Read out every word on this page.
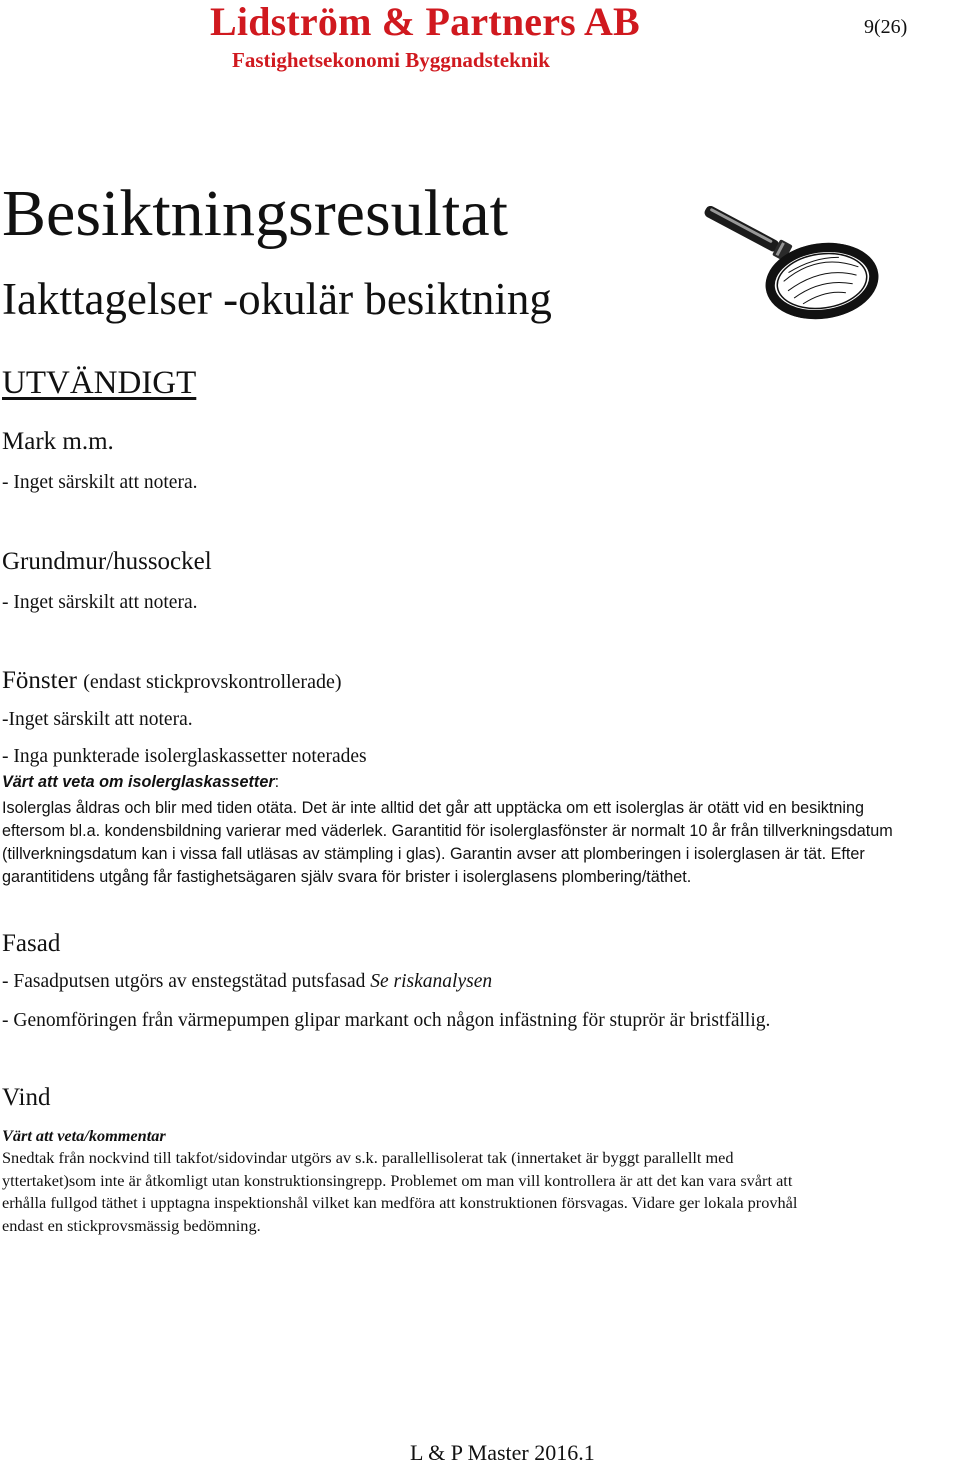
Lidström & Partners AB
Fastighetsekonomi Byggnadsteknik
9(26)
Besiktningsresultat
Iakttagelser -okulär besiktning
UTVÄNDIGT
Mark m.m.
- Inget särskilt att notera.
Grundmur/hussockel
- Inget särskilt att notera.
Fönster (endast stickprovskontrollerade)
-Inget särskilt att notera.
- Inga punkterade isolerglaskassetter noterades
Värt att veta om isolerglaskassetter:
Isolerglas åldras och blir med tiden otäta. Det är inte alltid det går att upptäcka om ett isolerglas är otätt vid en besiktning
eftersom bl.a. kondensbildning varierar med väderlek. Garantitid för isolerglasfönster är normalt 10 år från tillverkningsdatum
(tillverkningsdatum kan i vissa fall utläsas av stämpling i glas). Garantin avser att plomberingen i isolerglasen är tät. Efter
garantitidens utgång får fastighetsägaren själv svara för brister i isolerglasens plombering/täthet.
Fasad
- Fasadputsen utgörs av enstegstätad putsfasad Se riskanalysen
- Genomföringen från värmepumpen glipar markant och någon infästning för stuprör är bristfällig.
Vind
Värt att veta/kommentar
Snedtak från nockvind till takfot/sidovindar utgörs av s.k. parallellisolerat tak (innertaket är byggt parallellt med
yttertaket)som inte är åtkomligt utan konstruktionsingrepp. Problemet om man vill kontrollera är att det kan vara svårt att
erhålla fullgod täthet i upptagna inspektionshål vilket kan medföra att konstruktionen försvagas. Vidare ger lokala provhål
endast en stickprovsmässig bedömning.
L & P Master 2016.1
